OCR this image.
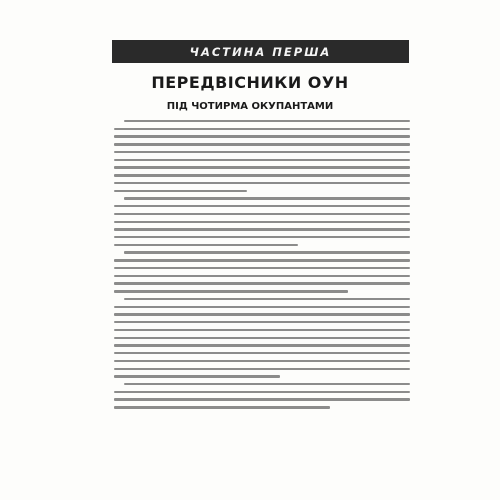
ЧАСТИНА ПЕРША
ПЕРЕДВІСНИКИ ОУН
ПІД ЧОТИРМА ОКУПАНТАМИ
